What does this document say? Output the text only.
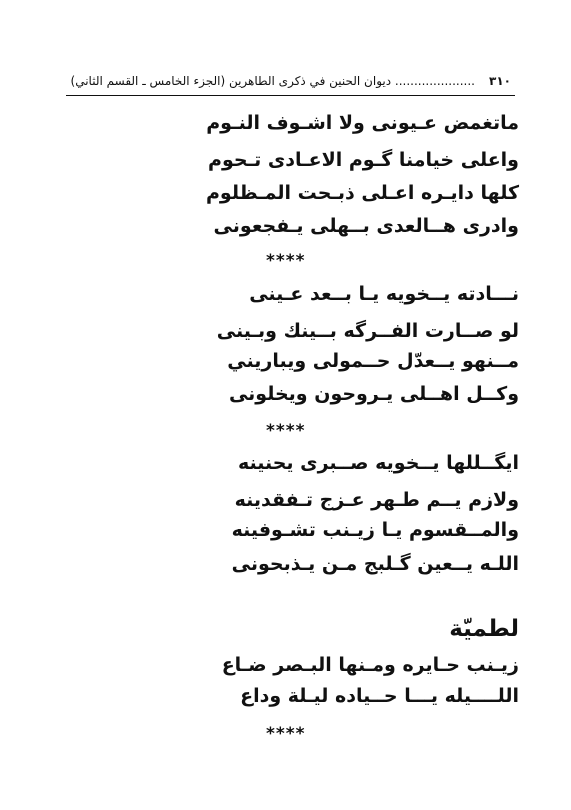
٣١٠
..................... ديوان الحنين في ذكرى الطاهرين (الجزء الخامس ـ القسم الثاني)
ماتغمض عـيونى ولا اشـوف النـوم
واعلى خيامنا گـوم الاعـادى تـحوم
كلها دايـره اعـلى ذبـحت المـظلوم
وادرى هــالعدى بــهلى يـفجعونى
****
نـــادته يــخويه يـا بــعد عـينى
لو صــارت الفــرگه بــينك وبـينى
مــنهو يــعدّل حــمولى ويباريني
وكــل اهــلى يـروحون ويخلونى
****
ايگــللها يــخويه صــبرى يحنينه
ولازم يــم طـهر عـزج تـفقدينه
والمــقسوم يـا زيـنب تشـوفينه
اللـه يــعين گـلبج مـن يـذبحونى
لطميّة
زيـنب حـايره ومـنها البـصر ضـاع
اللــــيله يـــا حــياده ليـلة وداع
****
